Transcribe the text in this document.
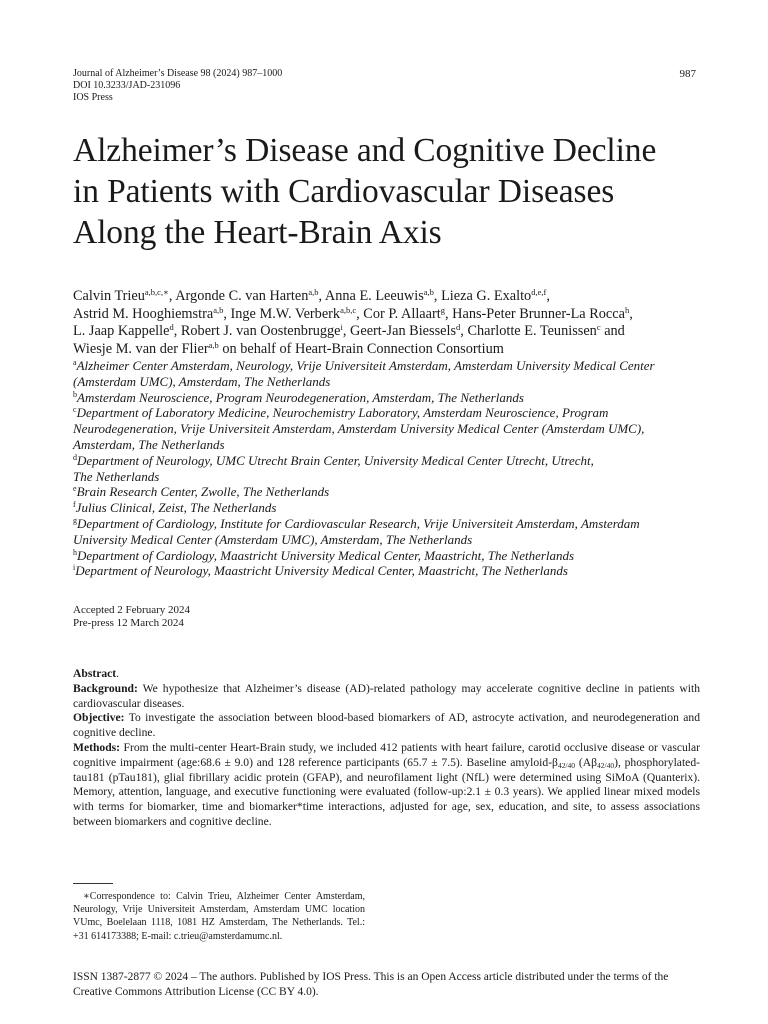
Journal of Alzheimer’s Disease 98 (2024) 987–1000
DOI 10.3233/JAD-231096
IOS Press
987
Alzheimer’s Disease and Cognitive Decline
in Patients with Cardiovascular Diseases
Along the Heart-Brain Axis
Calvin Trieu$^{a,b,c,∗}$, Argonde C. van Harten$^{a,b}$, Anna E. Leeuwis$^{a,b}$, Lieza G. Exalto$^{d,e,f}$,
Astrid M. Hooghiemstra$^{a,b}$, Inge M.W. Verberk$^{a,b,c}$, Cor P. Allaart$^g$, Hans-Peter Brunner-La Rocca$^h$,
L. Jaap Kappelle$^d$, Robert J. van Oostenbrugge$^i$, Geert-Jan Biessels$^d$, Charlotte E. Teunissen$^c$ and
Wiesje M. van der Flier$^{a,b}$ on behalf of Heart-Brain Connection Consortium
$^a$Alzheimer Center Amsterdam, Neurology, Vrije Universiteit Amsterdam, Amsterdam University Medical Center
(Amsterdam UMC), Amsterdam, The Netherlands
$^b$Amsterdam Neuroscience, Program Neurodegeneration, Amsterdam, The Netherlands
$^c$Department of Laboratory Medicine, Neurochemistry Laboratory, Amsterdam Neuroscience, Program
Neurodegeneration, Vrije Universiteit Amsterdam, Amsterdam University Medical Center (Amsterdam UMC),
Amsterdam, The Netherlands
$^d$Department of Neurology, UMC Utrecht Brain Center, University Medical Center Utrecht, Utrecht,
The Netherlands
$^e$Brain Research Center, Zwolle, The Netherlands
$^f$Julius Clinical, Zeist, The Netherlands
$^g$Department of Cardiology, Institute for Cardiovascular Research, Vrije Universiteit Amsterdam, Amsterdam
University Medical Center (Amsterdam UMC), Amsterdam, The Netherlands
$^h$Department of Cardiology, Maastricht University Medical Center, Maastricht, The Netherlands
$^i$Department of Neurology, Maastricht University Medical Center, Maastricht, The Netherlands
Accepted 2 February 2024
Pre-press 12 March 2024

Abstract.

Background: We hypothesize that Alzheimer’s disease (AD)-related pathology may accelerate cognitive decline in patients with cardiovascular diseases.

Objective: To investigate the association between blood-based biomarkers of AD, astrocyte activation, and neurodegeneration and cognitive decline.

Methods: From the multi-center Heart-Brain study, we included 412 patients with heart failure, carotid occlusive disease or vascular cognitive impairment (age:68.6 ± 9.0) and 128 reference participants (65.7 ± 7.5). Baseline amyloid-$\beta_{42/40}$ $(A\beta_{42/40})$, phosphorylated-tau181 (pTau181), glial fibrillary acidic protein (GFAP), and neurofilament light (NfL) were determined using SiMoA (Quanterix). Memory, attention, language, and executive functioning were evaluated (follow-up:2.1 ± 0.3 years). We applied linear mixed models with terms for biomarker, time and biomarker*time interactions, adjusted for age, sex, education, and site, to assess associations between biomarkers and cognitive decline.

∗Correspondence to: Calvin Trieu, Alzheimer Center Amsterdam, Neurology, Vrije Universiteit Amsterdam, Amsterdam UMC location VUmc, Boelelaan 1118, 1081 HZ Amsterdam, The Netherlands. Tel.: +31 614173388; E-mail: c.trieu@amsterdamumc.nl.
ISSN 1387-2877 © 2024 – The authors. Published by IOS Press. This is an Open Access article distributed under the terms of the Creative Commons Attribution License (CC BY 4.0).
